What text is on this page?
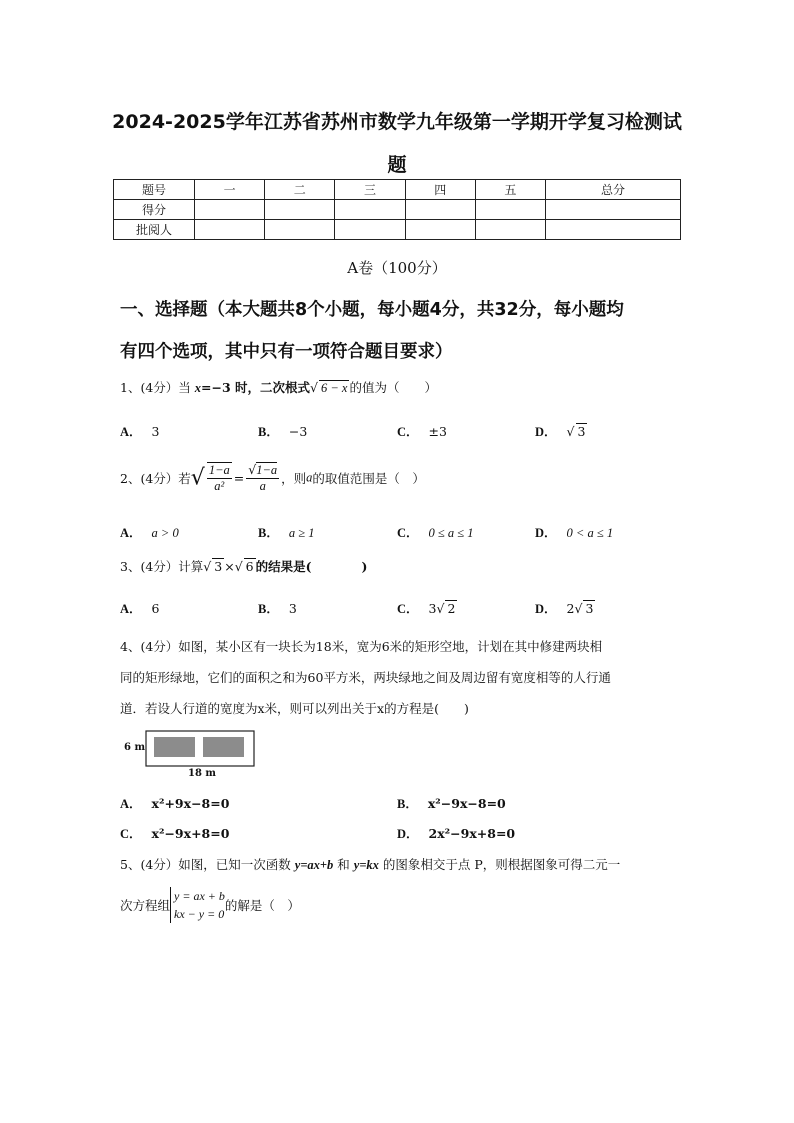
2024-2025学年江苏省苏州市数学九年级第一学期开学复习检测试
题
题号	一	二	三	四	五	总分
得分						
批阅人						
A卷（100分）
一、选择题（本大题共8个小题，每小题4分，共32分，每小题均
有四个选项，其中只有一项符合题目要求）
1、(4分）当 x=−3 时，二次根式√ 6 − x 的值为（　　）
A． 3	B． −3	C． ±3	D． √ 3
2、(4分）若√ $\frac{1-a}{\text{a²}} = \frac{√1-a}{a}$ ，则a的取值范围是（　）
A． a > 0	B． a ≥ 1	C． 0 ≤ a ≤ 1	D． 0 < a ≤ 1
3、(4分）计算√ 3 ×√ 6 的结果是(　　　　)
A． 6	B． 3	C． 3√ 2	D． 2√ 3
4、(4分）如图，某小区有一块长为18米，宽为6米的矩形空地，计划在其中修建两块相
同的矩形绿地，它们的面积之和为60平方米，两块绿地之间及周边留有宽度相等的人行通
道．若设人行道的宽度为x米，则可以列出关于x的方程是(　　)
6 m
18 m
A． x²+9x−8=0	B． x²−9x−8=0
C． x²−9x+8=0	D． 2x²−9x+8=0
5、(4分）如图，已知一次函数 y=ax+b 和 y=kx 的图象相交于点 P，则根据图象可得二元一
次方程组
y = ax + b
kx − y = 0
的解是（　）
